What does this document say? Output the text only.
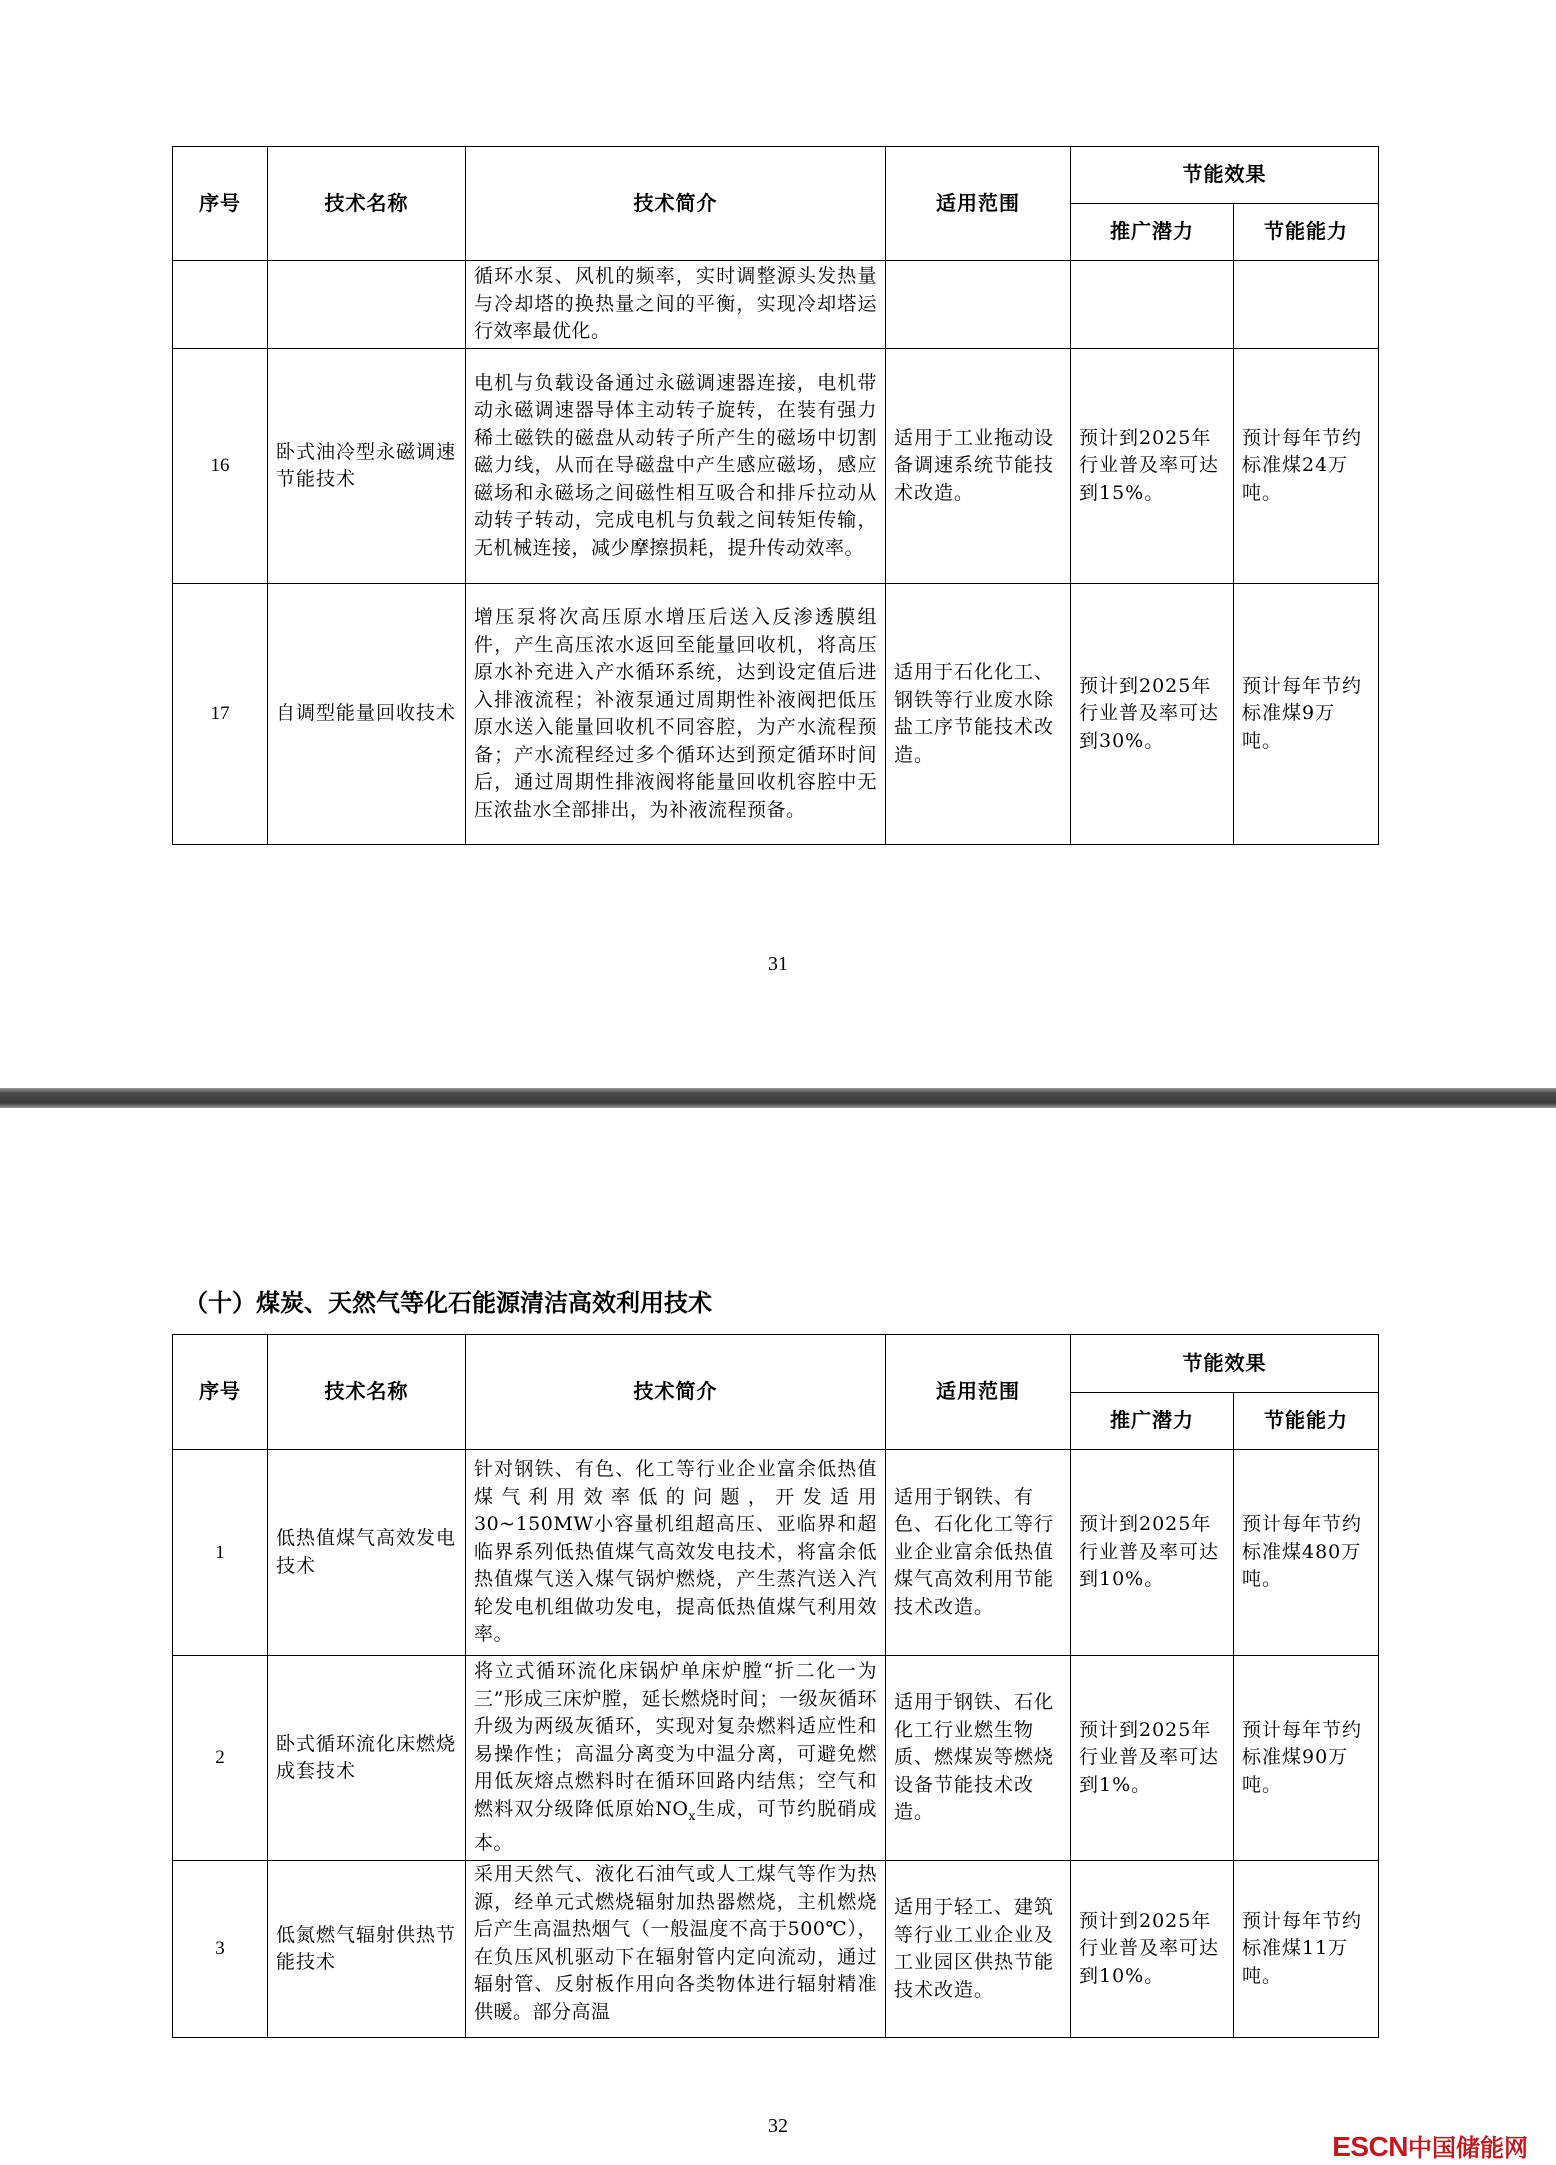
序号	技术名称	技术简介	适用范围	节能效果	
				推广潜力	节能能力
		循环水泵、风机的频率，实时调整源头发热量与冷却塔的换热量之间的平衡，实现冷却塔运行效率最优化。			
16	卧式油冷型永磁调速节能技术	电机与负载设备通过永磁调速器连接，电机带动永磁调速器导体主动转子旋转，在装有强力稀土磁铁的磁盘从动转子所产生的磁场中切割磁力线，从而在导磁盘中产生感应磁场，感应磁场和永磁场之间磁性相互吸合和排斥拉动从动转子转动，完成电机与负载之间转矩传输，无机械连接，减少摩擦损耗，提升传动效率。	适用于工业拖动设备调速系统节能技术改造。	预计到2025年行业普及率可达到15%。	预计每年节约标准煤24万吨。
17	自调型能量回收技术	增压泵将次高压原水增压后送入反渗透膜组件，产生高压浓水返回至能量回收机，将高压原水补充进入产水循环系统，达到设定值后进入排液流程；补液泵通过周期性补液阀把低压原水送入能量回收机不同容腔，为产水流程预备；产水流程经过多个循环达到预定循环时间后，通过周期性排液阀将能量回收机容腔中无压浓盐水全部排出，为补液流程预备。	适用于石化化工、钢铁等行业废水除盐工序节能技术改造。	预计到2025年行业普及率可达到30%。	预计每年节约标准煤9万吨。
31
（十）煤炭、天然气等化石能源清洁高效利用技术
序号	技术名称	技术简介	适用范围	节能效果	
				推广潜力	节能能力
1	低热值煤气高效发电技术	针对钢铁、有色、化工等行业企业富余低热值煤气利用效率低的问题，开发适用30~150MW小容量机组超高压、亚临界和超临界系列低热值煤气高效发电技术，将富余低热值煤气送入煤气锅炉燃烧，产生蒸汽送入汽轮发电机组做功发电，提高低热值煤气利用效率。	适用于钢铁、有色、石化化工等行业企业富余低热值煤气高效利用节能技术改造。	预计到2025年行业普及率可达到10%。	预计每年节约标准煤480万吨。
2	卧式循环流化床燃烧成套技术	将立式循环流化床锅炉单床炉膛“折二化一为三”形成三床炉膛，延长燃烧时间；一级灰循环升级为两级灰循环，实现对复杂燃料适应性和易操作性；高温分离变为中温分离，可避免燃用低灰熔点燃料时在循环回路内结焦；空气和燃料双分级降低原始$NO_x$生成，可节约脱硝成本。	适用于钢铁、石化化工行业燃生物质、燃煤炭等燃烧设备节能技术改造。	预计到2025年行业普及率可达到1%。	预计每年节约标准煤90万吨。
3	低氮燃气辐射供热节能技术	采用天然气、液化石油气或人工煤气等作为热源，经单元式燃烧辐射加热器燃烧，主机燃烧后产生高温热烟气（一般温度不高于500℃），在负压风机驱动下在辐射管内定向流动，通过辐射管、反射板作用向各类物体进行辐射精准供暖。部分高温	适用于轻工、建筑等行业工业企业及工业园区供热节能技术改造。	预计到2025年行业普及率可达到10%。	预计每年节约标准煤11万吨。
32
ESCN中国储能网
